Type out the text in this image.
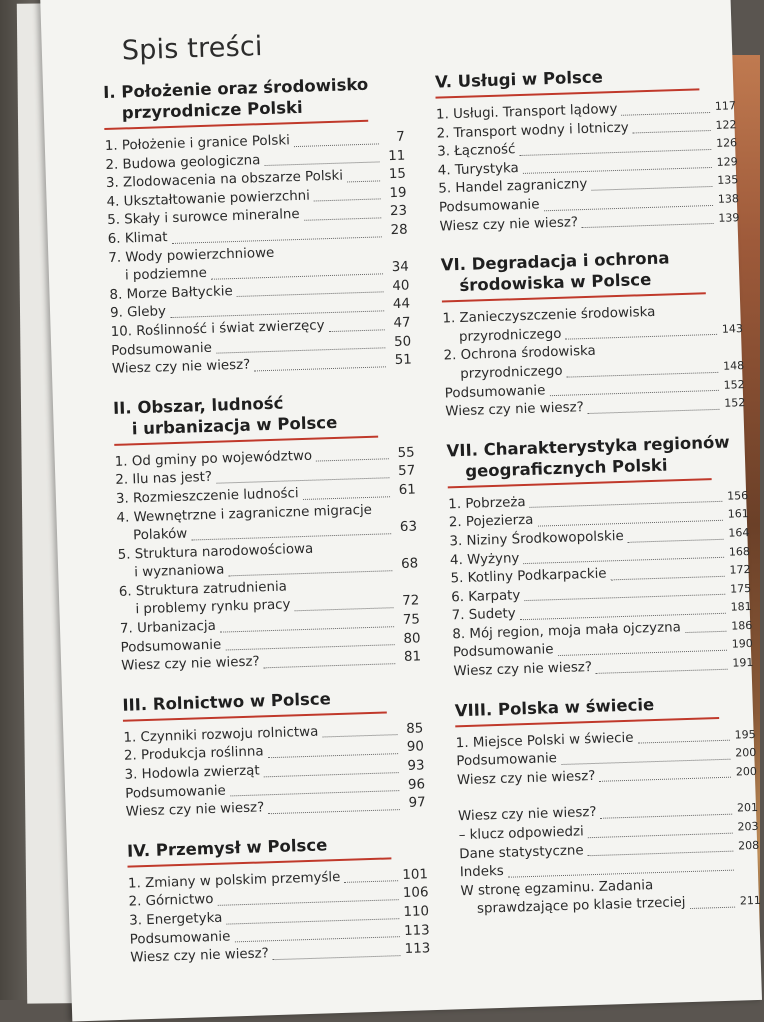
Spis treści
I. Położenie oraz środowisko
przyrodnicze Polski
1. Położenie i granice Polski	7
2. Budowa geologiczna	11
3. Zlodowacenia na obszarze Polski	15
4. Ukształtowanie powierzchni	19
5. Skały i surowce mineralne	23
6. Klimat	28
7. Wody powierzchniowe
i podziemne	34
8. Morze Bałtyckie	40
9. Gleby	44
10. Roślinność i świat zwierzęcy	47
Podsumowanie	50
Wiesz czy nie wiesz?	51
II. Obszar, ludność
i urbanizacja w Polsce
1. Od gminy po województwo	55
2. Ilu nas jest?	57
3. Rozmieszczenie ludności	61
4. Wewnętrzne i zagraniczne migracje
Polaków	63
5. Struktura narodowościowa
i wyznaniowa	68
6. Struktura zatrudnienia
i problemy rynku pracy	72
7. Urbanizacja	75
Podsumowanie	80
Wiesz czy nie wiesz?	81
III. Rolnictwo w Polsce
1. Czynniki rozwoju rolnictwa	85
2. Produkcja roślinna	90
3. Hodowla zwierząt	93
Podsumowanie	96
Wiesz czy nie wiesz?	97
IV. Przemysł w Polsce
1. Zmiany w polskim przemyśle	101
2. Górnictwo	106
3. Energetyka	110
Podsumowanie	113
Wiesz czy nie wiesz?	113
V. Usługi w Polsce
1. Usługi. Transport lądowy	117
2. Transport wodny i lotniczy	122
3. Łączność	126
4. Turystyka	129
5. Handel zagraniczny	135
Podsumowanie	138
Wiesz czy nie wiesz?	139
VI. Degradacja i ochrona
środowiska w Polsce
1. Zanieczyszczenie środowiska
przyrodniczego	143
2. Ochrona środowiska
przyrodniczego	148
Podsumowanie	152
Wiesz czy nie wiesz?	152
VII. Charakterystyka regionów
geograficznych Polski
1. Pobrzeża	156
2. Pojezierza	161
3. Niziny Środkowopolskie	164
4. Wyżyny	168
5. Kotliny Podkarpackie	172
6. Karpaty	175
7. Sudety	181
8. Mój region, moja mała ojczyzna	186
Podsumowanie	190
Wiesz czy nie wiesz?	191
VIII. Polska w świecie
1. Miejsce Polski w świecie	195
Podsumowanie	200
Wiesz czy nie wiesz?	200
Wiesz czy nie wiesz?	201
– klucz odpowiedzi	203
Dane statystyczne	208
Indeks
W stronę egzaminu. Zadania
sprawdzające po klasie trzeciej	211
